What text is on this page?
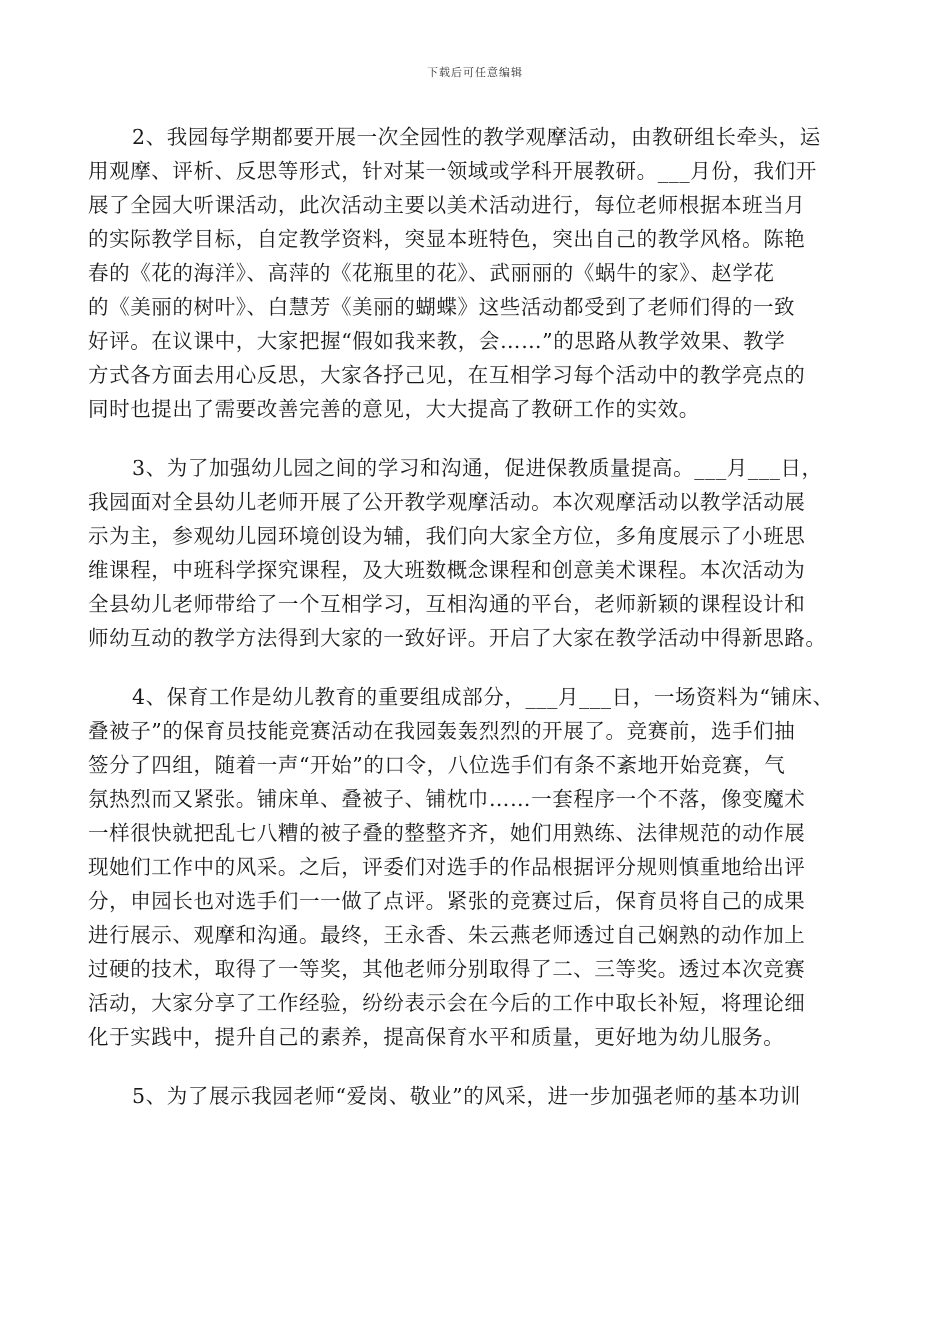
下载后可任意编辑
2、我园每学期都要开展一次全园性的教学观摩活动，由教研组长牵头，运
用观摩、评析、反思等形式，针对某一领域或学科开展教研。___月份，我们开
展了全园大听课活动，此次活动主要以美术活动进行，每位老师根据本班当月
的实际教学目标，自定教学资料，突显本班特色，突出自己的教学风格。陈艳
春的《花的海洋》、高萍的《花瓶里的花》、武丽丽的《蜗牛的家》、赵学花
的《美丽的树叶》、白慧芳《美丽的蝴蝶》这些活动都受到了老师们得的一致
好评。在议课中，大家把握“假如我来教，会……”的思路从教学效果、教学
方式各方面去用心反思，大家各抒己见，在互相学习每个活动中的教学亮点的
同时也提出了需要改善完善的意见，大大提高了教研工作的实效。
3、为了加强幼儿园之间的学习和沟通，促进保教质量提高。___月___日，
我园面对全县幼儿老师开展了公开教学观摩活动。本次观摩活动以教学活动展
示为主，参观幼儿园环境创设为辅，我们向大家全方位，多角度展示了小班思
维课程，中班科学探究课程，及大班数概念课程和创意美术课程。本次活动为
全县幼儿老师带给了一个互相学习，互相沟通的平台，老师新颖的课程设计和
师幼互动的教学方法得到大家的一致好评。开启了大家在教学活动中得新思路。
4、保育工作是幼儿教育的重要组成部分，___月___日，一场资料为“铺床、
叠被子”的保育员技能竞赛活动在我园轰轰烈烈的开展了。竞赛前，选手们抽
签分了四组，随着一声“开始”的口令，八位选手们有条不紊地开始竞赛，气
氛热烈而又紧张。铺床单、叠被子、铺枕巾……一套程序一个不落，像变魔术
一样很快就把乱七八糟的被子叠的整整齐齐，她们用熟练、法律规范的动作展
现她们工作中的风采。之后，评委们对选手的作品根据评分规则慎重地给出评
分，申园长也对选手们一一做了点评。紧张的竞赛过后，保育员将自己的成果
进行展示、观摩和沟通。最终，王永香、朱云燕老师透过自己娴熟的动作加上
过硬的技术，取得了一等奖，其他老师分别取得了二、三等奖。透过本次竞赛
活动，大家分享了工作经验，纷纷表示会在今后的工作中取长补短，将理论细
化于实践中，提升自己的素养，提高保育水平和质量，更好地为幼儿服务。
5、为了展示我园老师“爱岗、敬业”的风采，进一步加强老师的基本功训
